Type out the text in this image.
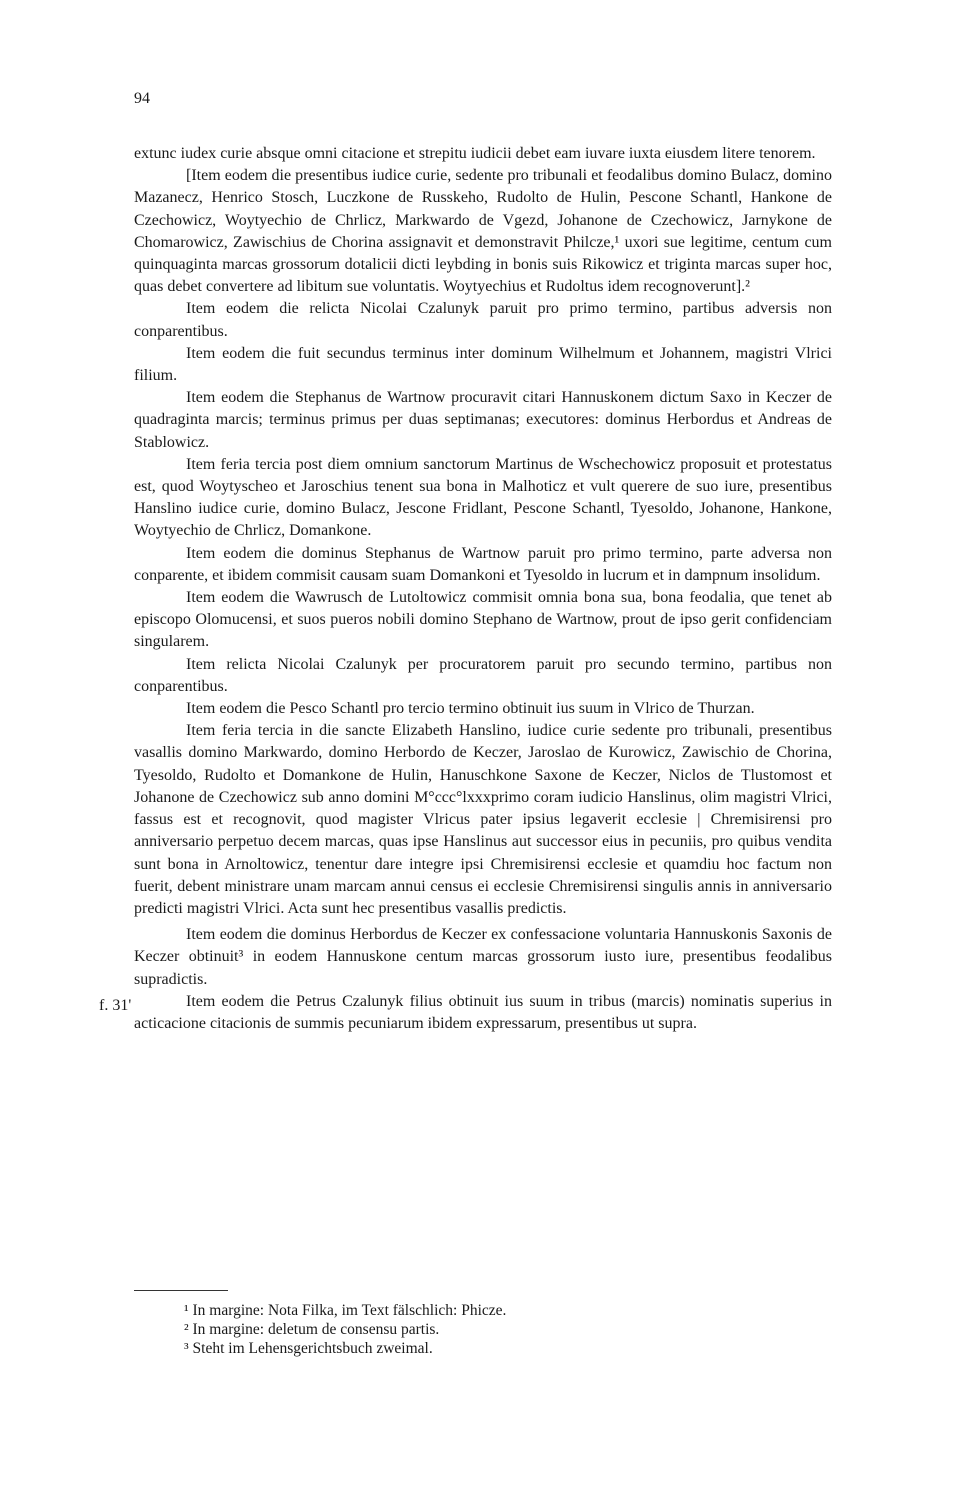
94

extunc iudex curie absque omni citacione et strepitu iudicii debet eam iuvare iuxta eiusdem litere tenorem.

[Item eodem die presentibus iudice curie, sedente pro tribunali et feodalibus domino Bulacz, domino Mazanecz, Henrico Stosch, Luczkone de Russkeho, Rudolto de Hulin, Pescone Schantl, Hankone de Czechowicz, Woytyechio de Chrlicz, Markwardo de Vgezd, Johanone de Czechowicz, Jarnykone de Chomarowicz, Zawischius de Chorina assignavit et demonstravit Philcze,¹ uxori sue legitime, centum cum quinquaginta marcas grossorum dotalicii dicti leybding in bonis suis Rikowicz et triginta marcas super hoc, quas debet convertere ad libitum sue voluntatis. Woytyechius et Rudoltus idem recognoverunt].²

Item eodem die relicta Nicolai Czalunyk paruit pro primo termino, partibus adversis non conparentibus.

Item eodem die fuit secundus terminus inter dominum Wilhelmum et Johannem, magistri Vlrici filium.

Item eodem die Stephanus de Wartnow procuravit citari Hannuskonem dictum Saxo in Keczer de quadraginta marcis; terminus primus per duas septimanas; executores: dominus Herbordus et Andreas de Stablowicz.

Item feria tercia post diem omnium sanctorum Martinus de Wschechowicz proposuit et protestatus est, quod Woytyscheo et Jaroschius tenent sua bona in Malhoticz et vult querere de suo iure, presentibus Hanslino iudice curie, domino Bulacz, Jescone Fridlant, Pescone Schantl, Tyesoldo, Johanone, Hankone, Woytyechio de Chrlicz, Domankone.

Item eodem die dominus Stephanus de Wartnow paruit pro primo termino, parte adversa non conparente, et ibidem commisit causam suam Domankoni et Tyesoldo in lucrum et in dampnum insolidum.

Item eodem die Wawrusch de Lutoltowicz commisit omnia bona sua, bona feodalia, que tenet ab episcopo Olomucensi, et suos pueros nobili domino Stephano de Wartnow, prout de ipso gerit confidenciam singularem.

Item relicta Nicolai Czalunyk per procuratorem paruit pro secundo termino, partibus non conparentibus.

Item eodem die Pesco Schantl pro tercio termino obtinuit ius suum in Vlrico de Thurzan.

Item feria tercia in die sancte Elizabeth Hanslino, iudice curie sedente pro tribunali, presentibus vasallis domino Markwardo, domino Herbordo de Keczer, Jaroslao de Kurowicz, Zawischio de Chorina, Tyesoldo, Rudolto et Domankone de Hulin, Hanuschkone Saxone de Keczer, Niclos de Tlustomost et Johanone de Czechowicz sub anno domini M°ccc°lxxxprimo coram iudicio Hanslinus, olim magistri Vlrici, fassus est et recognovit, quod magister Vlricus pater ipsius legaverit ecclesie | Chremisirensi pro anniversario perpetuo decem marcas, quas ipse Hanslinus aut successor eius in pecuniis, pro quibus vendita sunt bona in Arnoltowicz, tenentur dare integre ipsi Chremisirensi ecclesie et quamdiu hoc factum non fuerit, debent ministrare unam marcam annui census ei ecclesie Chremisirensi singulis annis in anniversario predicti magistri Vlrici. Acta sunt hec presentibus vasallis predictis.

Item eodem die dominus Herbordus de Keczer ex confessacione voluntaria Hannuskonis Saxonis de Keczer obtinuit³ in eodem Hannuskone centum marcas grossorum iusto iure, presentibus feodalibus supradictis.

Item eodem die Petrus Czalunyk filius obtinuit ius suum in tribus (marcis) nominatis superius in acticacione citacionis de summis pecuniarum ibidem expressarum, presentibus ut supra.

f. 31'

¹ In margine: Nota Filka, im Text fälschlich: Phicze.

² In margine: deletum de consensu partis.

³ Steht im Lehensgerichtsbuch zweimal.
